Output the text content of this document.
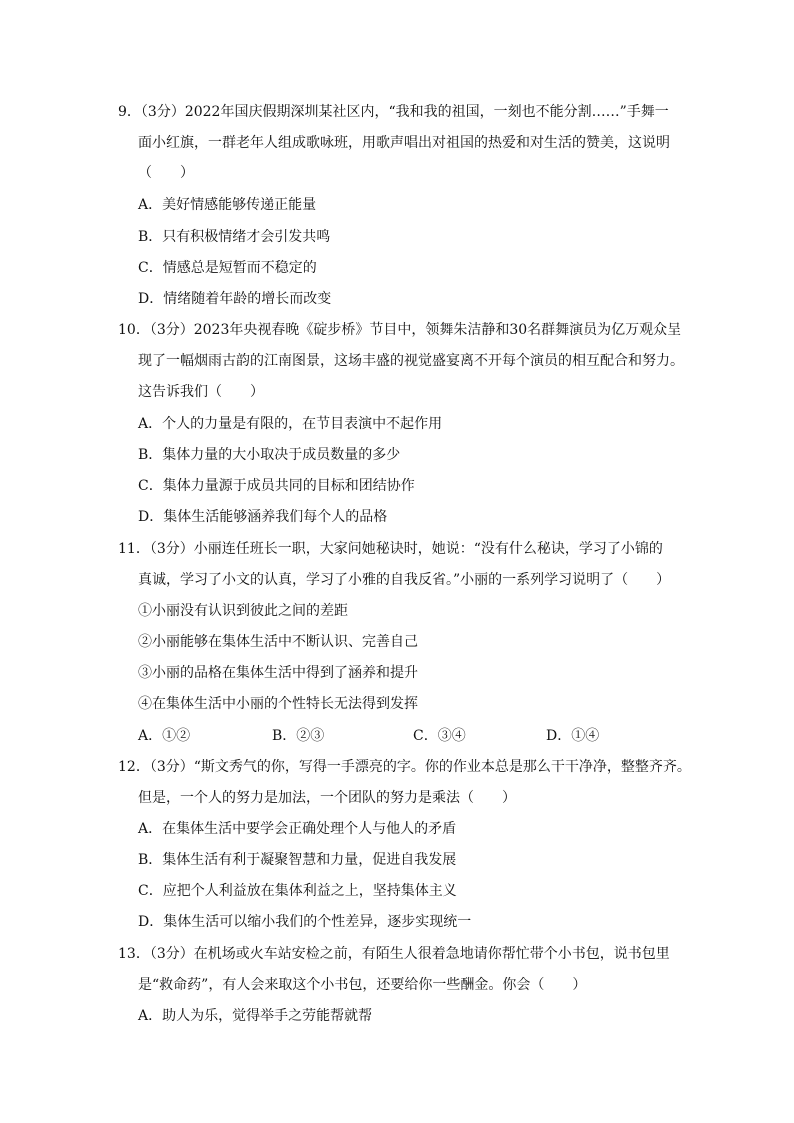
9．（3分）2022年国庆假期深圳某社区内，“我和我的祖国，一刻也不能分割……”手舞一
面小红旗，一群老年人组成歌咏班，用歌声唱出对祖国的热爱和对生活的赞美，这说明
（　　）
A．美好情感能够传递正能量
B．只有积极情绪才会引发共鸣
C．情感总是短暂而不稳定的
D．情绪随着年龄的增长而改变
10．（3分）2023年央视春晚《碇步桥》节目中，领舞朱洁静和30名群舞演员为亿万观众呈
现了一幅烟雨古韵的江南图景，这场丰盛的视觉盛宴离不开每个演员的相互配合和努力。
这告诉我们（　　）
A．个人的力量是有限的，在节目表演中不起作用
B．集体力量的大小取决于成员数量的多少
C．集体力量源于成员共同的目标和团结协作
D．集体生活能够涵养我们每个人的品格
11．（3分）小丽连任班长一职，大家问她秘诀时，她说：“没有什么秘诀，学习了小锦的
真诚，学习了小文的认真，学习了小雅的自我反省。”小丽的一系列学习说明了（　　）
①小丽没有认识到彼此之间的差距
②小丽能够在集体生活中不断认识、完善自己
③小丽的品格在集体生活中得到了涵养和提升
④在集体生活中小丽的个性特长无法得到发挥
A．①②	B．②③	C．③④	D．①④
12．（3分）“斯文秀气的你，写得一手漂亮的字。你的作业本总是那么干干净净，整整齐齐。
但是，一个人的努力是加法，一个团队的努力是乘法（　　）
A．在集体生活中要学会正确处理个人与他人的矛盾
B．集体生活有利于凝聚智慧和力量，促进自我发展
C．应把个人利益放在集体利益之上，坚持集体主义
D．集体生活可以缩小我们的个性差异，逐步实现统一
13．（3分）在机场或火车站安检之前，有陌生人很着急地请你帮忙带个小书包，说书包里
是“救命药”，有人会来取这个小书包，还要给你一些酬金。你会（　　）
A．助人为乐，觉得举手之劳能帮就帮
